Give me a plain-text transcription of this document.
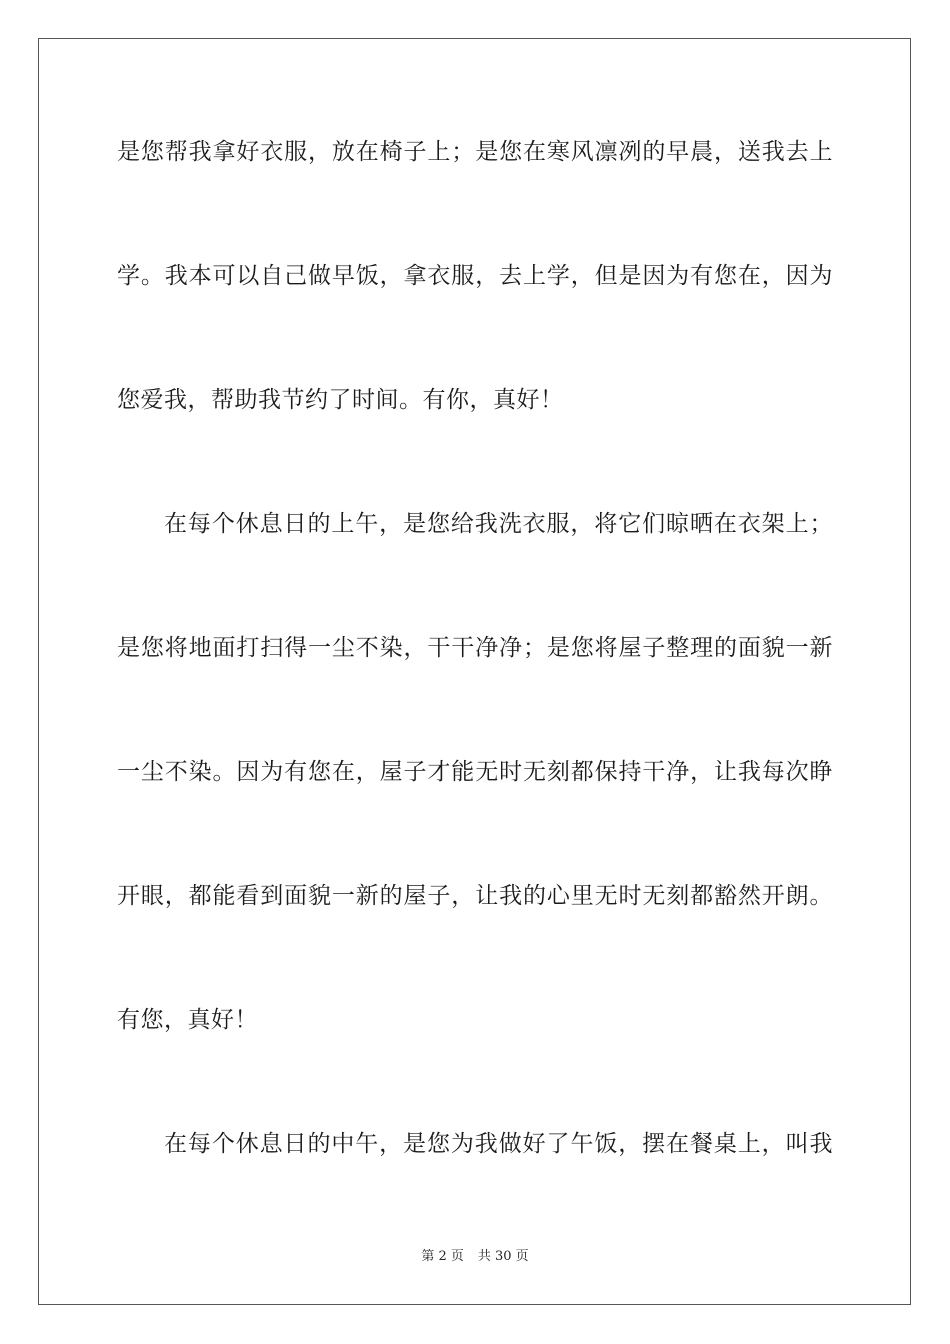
是您帮我拿好衣服，放在椅子上；是您在寒风凛冽的早晨，送我去上
学。我本可以自己做早饭，拿衣服，去上学，但是因为有您在，因为
您爱我，帮助我节约了时间。有你，真好！
在每个休息日的上午，是您给我洗衣服，将它们晾晒在衣架上；
是您将地面打扫得一尘不染，干干净净；是您将屋子整理的面貌一新
一尘不染。因为有您在，屋子才能无时无刻都保持干净，让我每次睁
开眼，都能看到面貌一新的屋子，让我的心里无时无刻都豁然开朗。
有您，真好！
在每个休息日的中午，是您为我做好了午饭，摆在餐桌上，叫我
第 2 页 共 30 页
